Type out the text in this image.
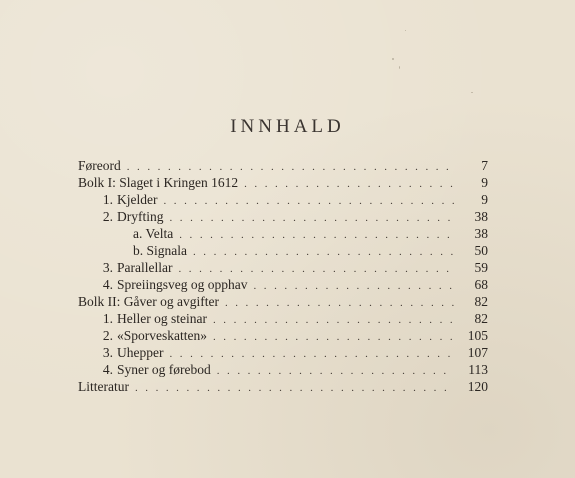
INNHALD
Føreord . . .	7
Bolk I: Slaget i Kringen 1612 . . .	9
1. Kjelder . . .	9
2. Dryfting . . .	38
a. Velta . . .	38
b. Signala . . .	50
3. Parallellar . . .	59
4. Spreiingsveg og opphav . . .	68
Bolk II: Gåver og avgifter . . .	82
1. Heller og steinar . . .	82
2. «Sporveskatten» . . .	105
3. Uhepper . . .	107
4. Syner og førebod . . .	113
Litteratur . . .	120
